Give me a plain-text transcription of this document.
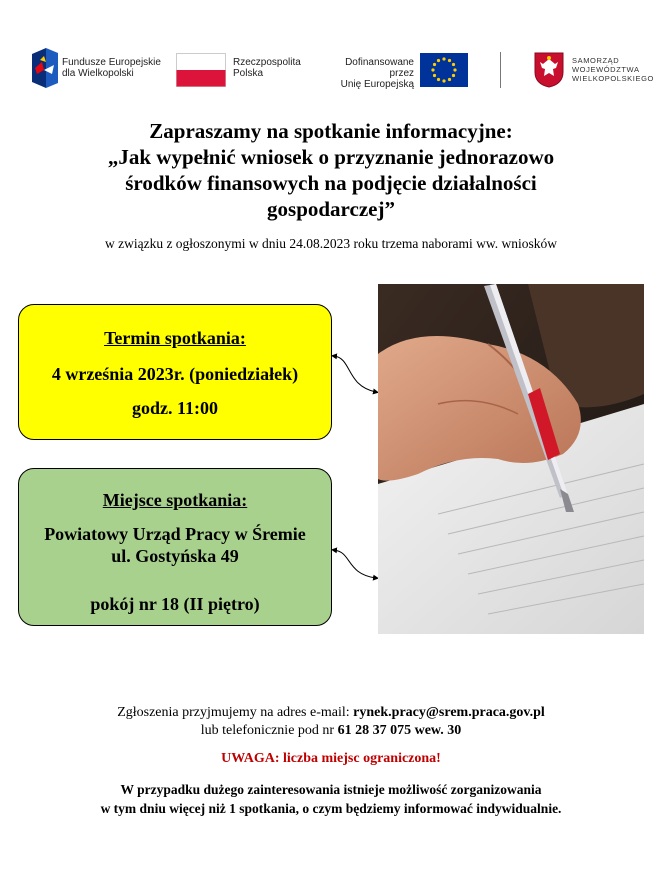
Fundusze Europejskie
dla Wielkopolski
Rzeczpospolita
Polska
Dofinansowane przez
Unię Europejską
SAMORZĄD
WOJEWÓDZTWA
WIELKOPOLSKIEGO
Zapraszamy na spotkanie informacyjne:
„Jak wypełnić wniosek o przyznanie jednorazowo
środków finansowych na podjęcie działalności
gospodarczej”
w związku z ogłoszonymi w dniu 24.08.2023 roku trzema naborami ww. wniosków
Termin spotkania:
4 września 2023r. (poniedziałek)
godz. 11:00
Miejsce spotkania:
Powiatowy Urząd Pracy w Śremie
ul. Gostyńska 49
pokój nr 18 (II piętro)
Zgłoszenia przyjmujemy na adres e-mail: rynek.pracy@srem.praca.gov.pl
lub telefonicznie pod nr 61 28 37 075 wew. 30
UWAGA: liczba miejsc ograniczona!
W przypadku dużego zainteresowania istnieje możliwość zorganizowania
w tym dniu więcej niż 1 spotkania, o czym będziemy informować indywidualnie.
